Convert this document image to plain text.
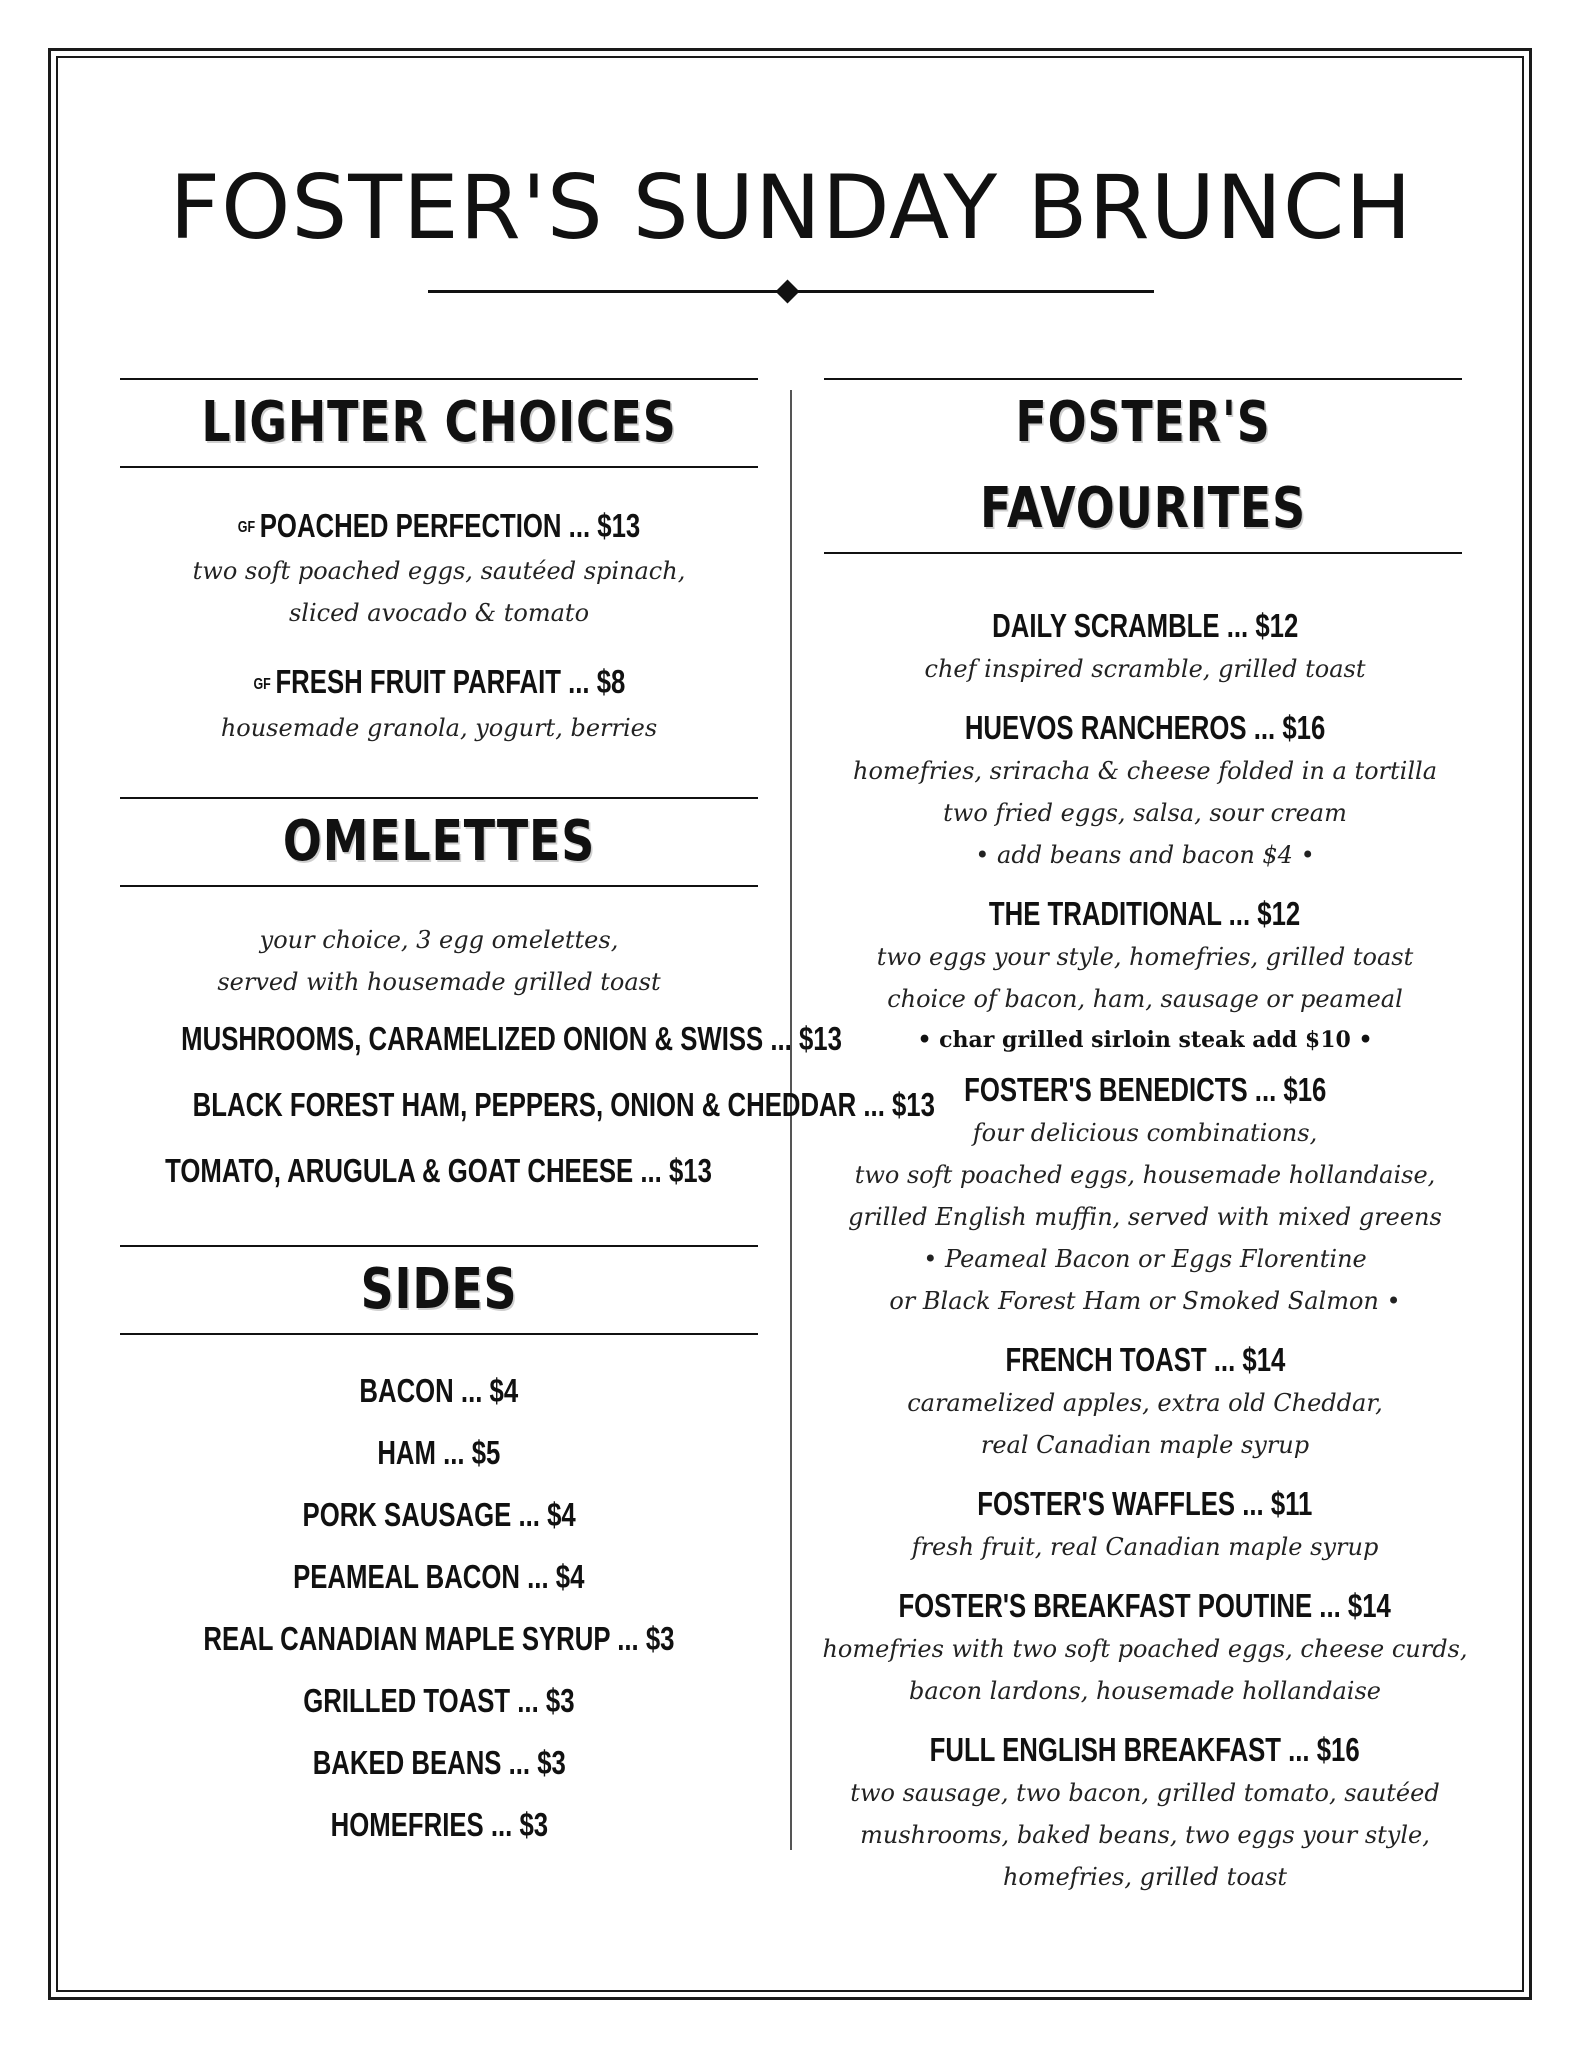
FOSTER'S SUNDAY BRUNCH
LIGHTER CHOICES
GF POACHED PERFECTION ... $13
two soft poached eggs, sautéed spinach,
sliced avocado & tomato
GF FRESH FRUIT PARFAIT ... $8
housemade granola, yogurt, berries
OMELETTES
your choice, 3 egg omelettes,
served with housemade grilled toast
MUSHROOMS, CARAMELIZED ONION & SWISS ... $13
BLACK FOREST HAM, PEPPERS, ONION & CHEDDAR ... $13
TOMATO, ARUGULA & GOAT CHEESE ... $13
SIDES
BACON ... $4
HAM ... $5
PORK SAUSAGE ... $4
PEAMEAL BACON ... $4
REAL CANADIAN MAPLE SYRUP ... $3
GRILLED TOAST ... $3
BAKED BEANS ... $3
HOMEFRIES ... $3
FOSTER'S FAVOURITES
DAILY SCRAMBLE ... $12
chef inspired scramble, grilled toast
HUEVOS RANCHEROS ... $16
homefries, sriracha & cheese folded in a tortilla
two fried eggs, salsa, sour cream
• add beans and bacon $4 •
THE TRADITIONAL ... $12
two eggs your style, homefries, grilled toast
choice of bacon, ham, sausage or peameal
• char grilled sirloin steak add $10 •
FOSTER'S BENEDICTS ... $16
four delicious combinations,
two soft poached eggs, housemade hollandaise,
grilled English muffin, served with mixed greens
• Peameal Bacon or Eggs Florentine
or Black Forest Ham or Smoked Salmon •
FRENCH TOAST ... $14
caramelized apples, extra old Cheddar,
real Canadian maple syrup
FOSTER'S WAFFLES ... $11
fresh fruit, real Canadian maple syrup
FOSTER'S BREAKFAST POUTINE ... $14
homefries with two soft poached eggs, cheese curds,
bacon lardons, housemade hollandaise
FULL ENGLISH BREAKFAST ... $16
two sausage, two bacon, grilled tomato, sautéed
mushrooms, baked beans, two eggs your style,
homefries, grilled toast
